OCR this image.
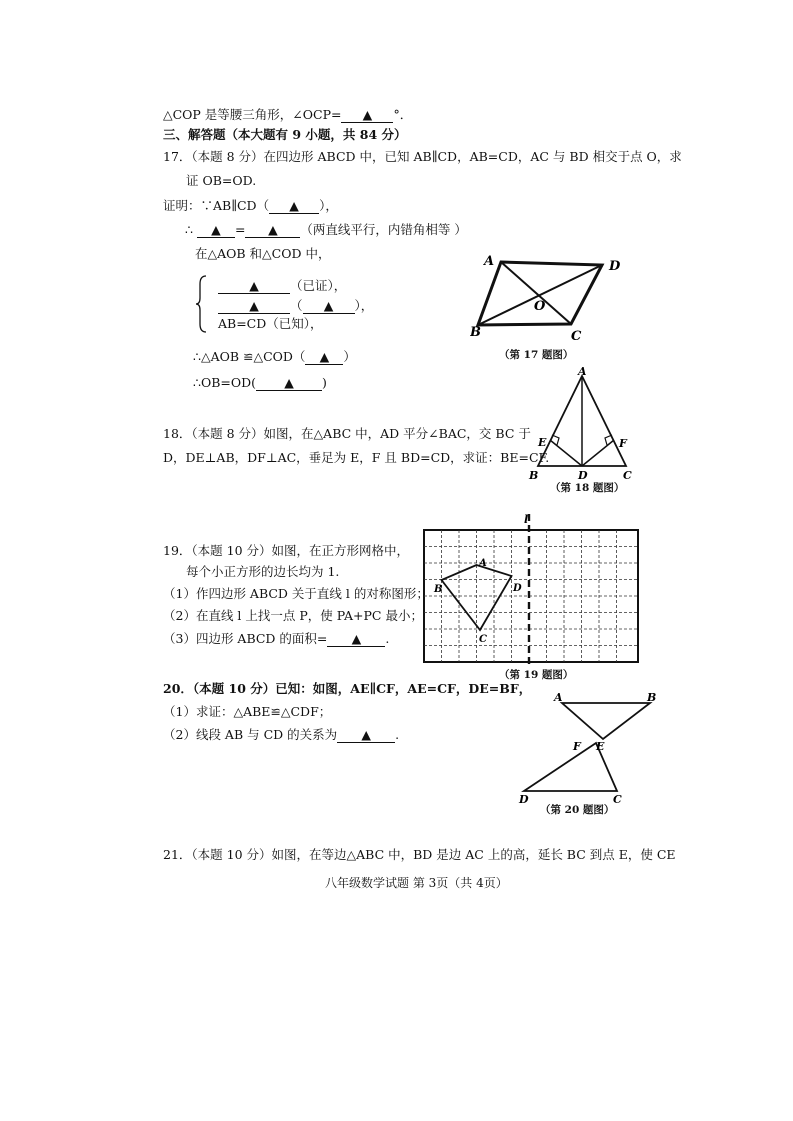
△COP 是等腰三角形，∠OCP= ▲ °．
三、解答题（本大题有 9 小题，共 84 分）
17．（本题 8 分）在四边形 ABCD 中，已知 AB∥CD，AB=CD，AC 与 BD 相交于点 O，求
证 OB=OD.
证明：∵AB∥CD（ ▲ ），
∴ ▲ = ▲ （两直线平行，内错角相等 ）
在△AOB 和△COD 中，
▲ （已证），
▲ （ ▲ ），
AB=CD（已知），
∴△AOB ≌△COD（ ▲ ）
∴OB=OD( ▲ )
A	D
B	C
O
（第 17 题图）
18．（本题 8 分）如图，在△ABC 中，AD 平分∠BAC，交 BC 于
D，DE⊥AB，DF⊥AC，垂足为 E，F 且 BD=CD，求证：BE=CF.
A
E	F
B	D	C
（第 18 题图）
19．（本题 10 分）如图，在正方形网格中，
每个小正方形的边长均为 1.
（1）作四边形 ABCD 关于直线 l 的对称图形；
（2）在直线 l 上找一点 P，使 PA+PC 最小；
（3）四边形 ABCD 的面积= ▲ .
l
A
B	D
C
（第 19 题图）
20．（本题 10 分）已知：如图，AE∥CF，AE=CF，DE=BF，
（1）求证：△ABE≌△CDF；
（2）线段 AB 与 CD 的关系为 ▲ .
A	B
F E
D	C
（第 20 题图）
21．（本题 10 分）如图，在等边△ABC 中，BD 是边 AC 上的高，延长 BC 到点 E，使 CE
八年级数学试题 第 3页（共 4页）
